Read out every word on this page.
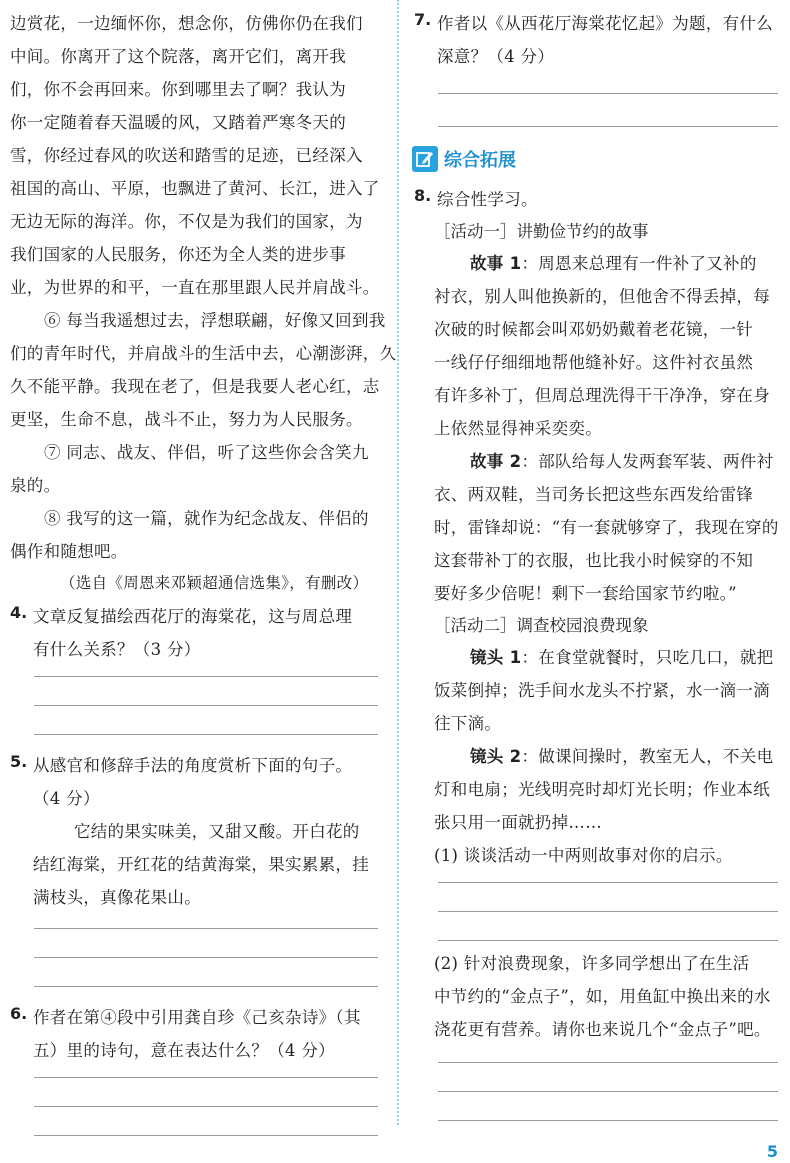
边赏花，一边缅怀你，想念你，仿佛你仍在我们
中间。你离开了这个院落，离开它们，离开我
们，你不会再回来。你到哪里去了啊？我认为
你一定随着春天温暖的风，又踏着严寒冬天的
雪，你经过春风的吹送和踏雪的足迹，已经深入
祖国的高山、平原，也飘进了黄河、长江，进入了
无边无际的海洋。你，不仅是为我们的国家，为
我们国家的人民服务，你还为全人类的进步事
业，为世界的和平，一直在那里跟人民并肩战斗。
⑥ 每当我遥想过去，浮想联翩，好像又回到我
们的青年时代，并肩战斗的生活中去，心潮澎湃，久
久不能平静。我现在老了，但是我要人老心红，志
更坚，生命不息，战斗不止，努力为人民服务。
⑦ 同志、战友、伴侣，听了这些你会含笑九
泉的。
⑧ 我写的这一篇，就作为纪念战友、伴侣的
偶作和随想吧。
（选自《周恩来邓颖超通信选集》，有删改）
4. 文章反复描绘西花厅的海棠花，这与周总理
有什么关系？（3 分）
5. 从感官和修辞手法的角度赏析下面的句子。
（4 分）
它结的果实味美，又甜又酸。开白花的
结红海棠，开红花的结黄海棠，果实累累，挂
满枝头，真像花果山。
6. 作者在第④段中引用龚自珍《己亥杂诗》（其
五）里的诗句，意在表达什么？（4 分）
7. 作者以《从西花厅海棠花忆起》为题，有什么
深意？（4 分）
综合拓展
8. 综合性学习。
［活动一］讲勤俭节约的故事
故事 1：周恩来总理有一件补了又补的
衬衣，别人叫他换新的，但他舍不得丢掉，每
次破的时候都会叫邓奶奶戴着老花镜，一针
一线仔仔细细地帮他缝补好。这件衬衣虽然
有许多补丁，但周总理洗得干干净净，穿在身
上依然显得神采奕奕。
故事 2：部队给每人发两套军装、两件衬
衣、两双鞋，当司务长把这些东西发给雷锋
时，雷锋却说：“有一套就够穿了，我现在穿的
这套带补丁的衣服，也比我小时候穿的不知
要好多少倍呢！剩下一套给国家节约啦。”
［活动二］调查校园浪费现象
镜头 1：在食堂就餐时，只吃几口，就把
饭菜倒掉；洗手间水龙头不拧紧，水一滴一滴
往下滴。
镜头 2：做课间操时，教室无人，不关电
灯和电扇；光线明亮时却灯光长明；作业本纸
张只用一面就扔掉……
(1) 谈谈活动一中两则故事对你的启示。
(2) 针对浪费现象，许多同学想出了在生活
中节约的“金点子”，如，用鱼缸中换出来的水
浇花更有营养。请你也来说几个“金点子”吧。
5
